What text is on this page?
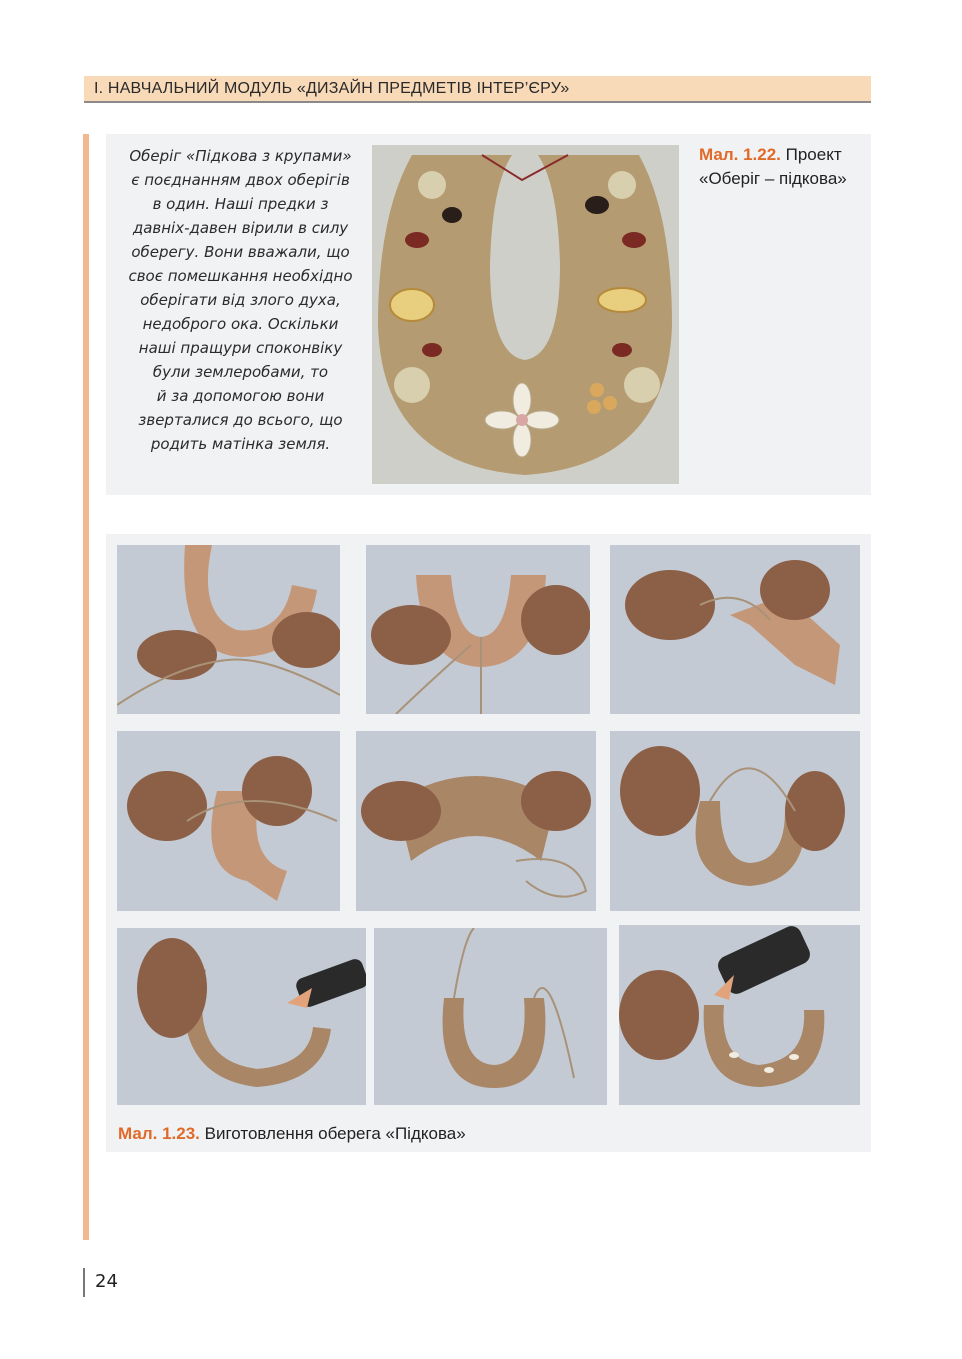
І. НАВЧАЛЬНИЙ МОДУЛЬ «ДИЗАЙН ПРЕДМЕТІВ ІНТЕР’ЄРУ»
Оберіг «Підкова з крупами»
є поєднанням двох оберігів
в один. Наші предки з
давніх-давен вірили в силу
оберегу. Вони вважали, що
своє помешкання необхідно
оберігати від злого духа,
недоброго ока. Оскільки
наші пращури споконвіку
були землеробами, то
й за допомогою вони
зверталися до всього, що
родить матінка земля.
Мал. 1.22. Проект
«Оберіг – підкова»
Мал. 1.23. Виготовлення оберега «Підкова»
24
